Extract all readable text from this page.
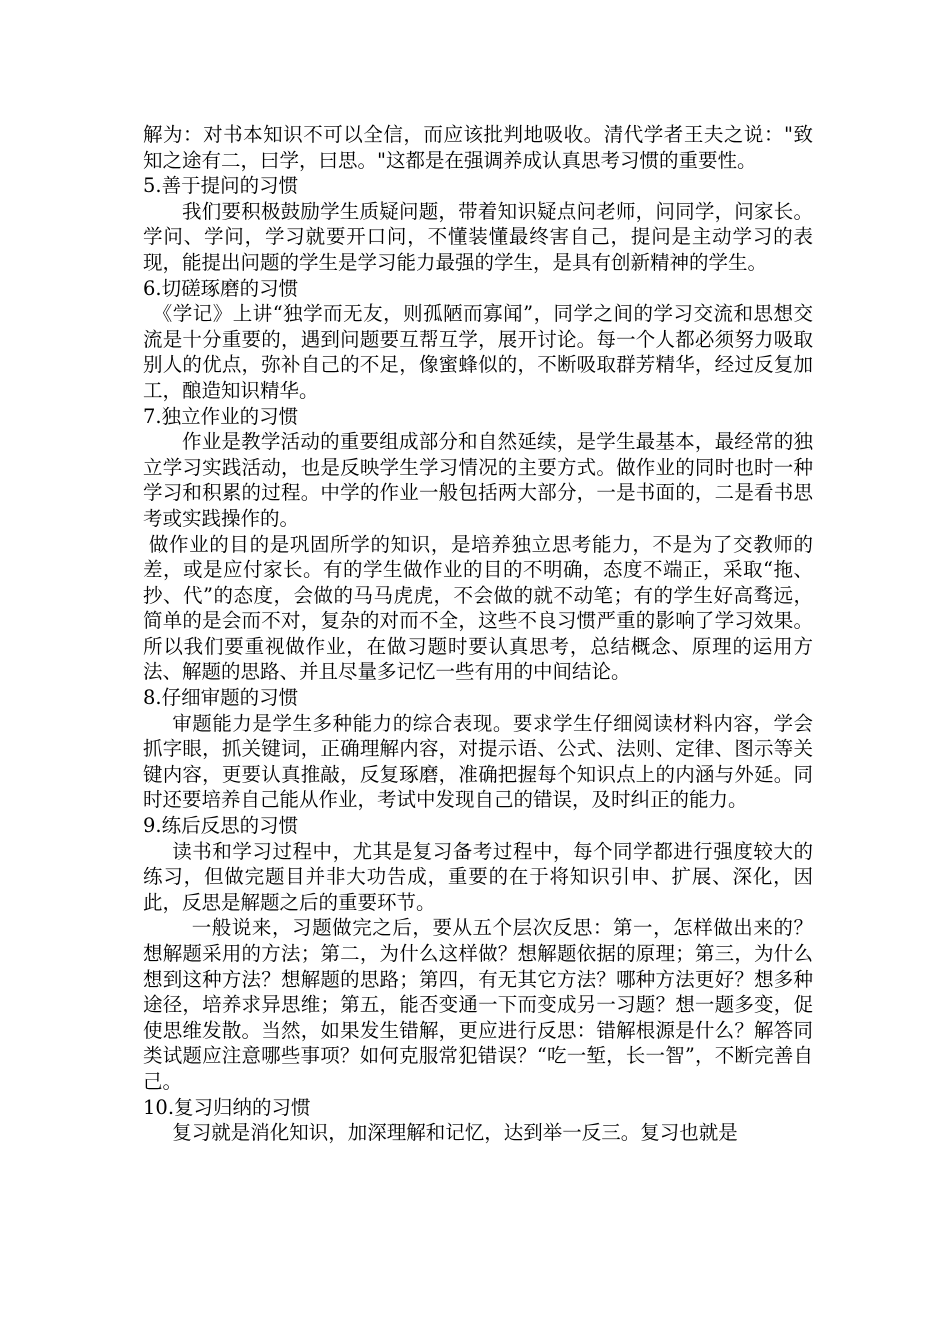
解为：对书本知识不可以全信，而应该批判地吸收。清代学者王夫之说："致知之途有二，曰学，曰思。"这都是在强调养成认真思考习惯的重要性。

5.善于提问的习惯

我们要积极鼓励学生质疑问题，带着知识疑点问老师，问同学，问家长。学问、学问，学习就要开口问，不懂装懂最终害自己，提问是主动学习的表现，能提出问题的学生是学习能力最强的学生，是具有创新精神的学生。

6.切磋琢磨的习惯

《学记》上讲“独学而无友，则孤陋而寡闻”，同学之间的学习交流和思想交流是十分重要的，遇到问题要互帮互学，展开讨论。每一个人都必须努力吸取别人的优点，弥补自己的不足，像蜜蜂似的，不断吸取群芳精华，经过反复加工，酿造知识精华。

7.独立作业的习惯

作业是教学活动的重要组成部分和自然延续，是学生最基本，最经常的独立学习实践活动，也是反映学生学习情况的主要方式。做作业的同时也时一种学习和积累的过程。中学的作业一般包括两大部分，一是书面的，二是看书思考或实践操作的。

做作业的目的是巩固所学的知识，是培养独立思考能力，不是为了交教师的差，或是应付家长。有的学生做作业的目的不明确，态度不端正，采取“拖、抄、代”的态度，会做的马马虎虎，不会做的就不动笔；有的学生好高骛远，简单的是会而不对，复杂的对而不全，这些不良习惯严重的影响了学习效果。所以我们要重视做作业，在做习题时要认真思考，总结概念、原理的运用方法、解题的思路、并且尽量多记忆一些有用的中间结论。

8.仔细审题的习惯

审题能力是学生多种能力的综合表现。要求学生仔细阅读材料内容，学会抓字眼，抓关键词，正确理解内容，对提示语、公式、法则、定律、图示等关键内容，更要认真推敲，反复琢磨，准确把握每个知识点上的内涵与外延。同时还要培养自己能从作业，考试中发现自己的错误，及时纠正的能力。

9.练后反思的习惯

读书和学习过程中，尤其是复习备考过程中，每个同学都进行强度较大的练习，但做完题目并非大功告成，重要的在于将知识引申、扩展、深化，因此，反思是解题之后的重要环节。

一般说来，习题做完之后，要从五个层次反思：第一，怎样做出来的？想解题采用的方法；第二，为什么这样做？想解题依据的原理；第三，为什么想到这种方法？想解题的思路；第四，有无其它方法？哪种方法更好？想多种途径，培养求异思维；第五，能否变通一下而变成另一习题？想一题多变，促使思维发散。当然，如果发生错解，更应进行反思：错解根源是什么？解答同类试题应注意哪些事项？如何克服常犯错误？“吃一堑，长一智”，不断完善自己。

10.复习归纳的习惯

复习就是消化知识，加深理解和记忆，达到举一反三。复习也就是
